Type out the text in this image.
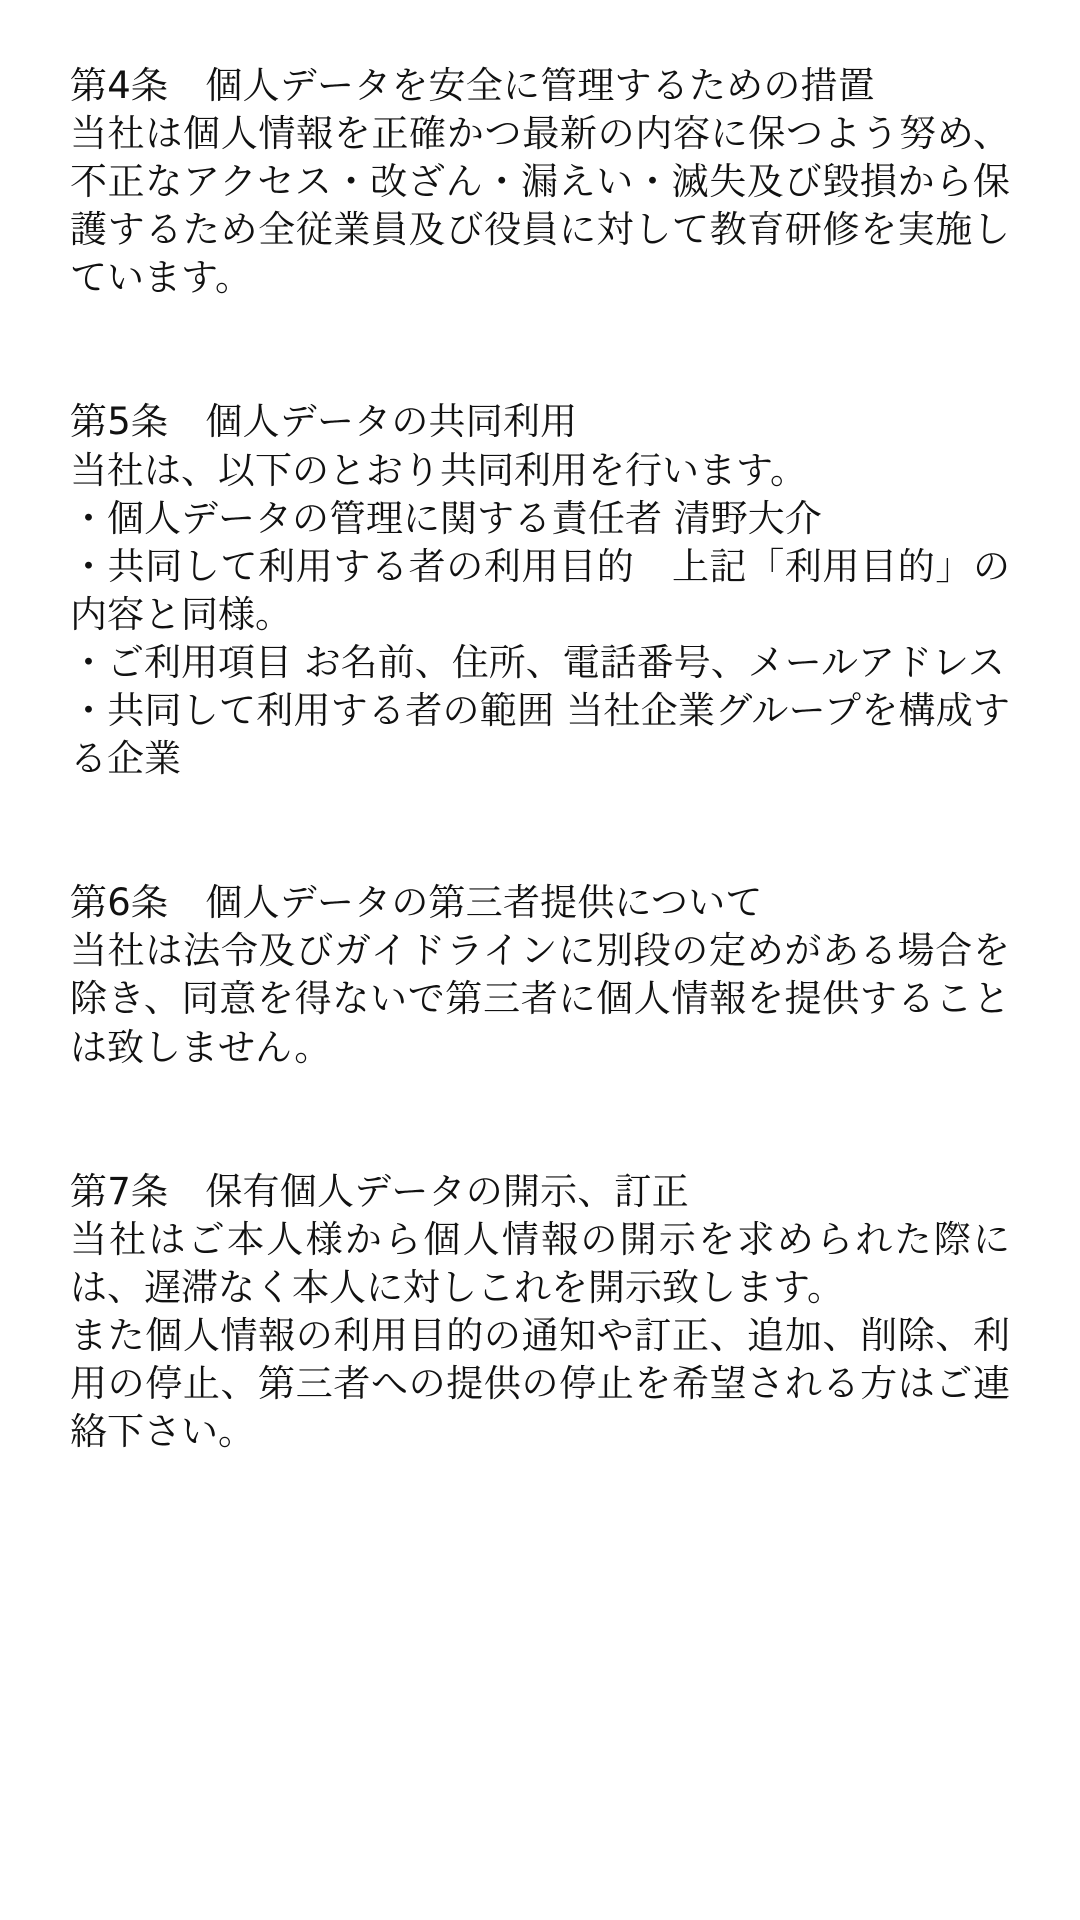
第4条　個人データを安全に管理するための措置

当社は個人情報を正確かつ最新の内容に保つよう努め、不正なアクセス・改ざん・漏えい・滅失及び毀損から保護するため全従業員及び役員に対して教育研修を実施しています。

第5条　個人データの共同利用

当社は、以下のとおり共同利用を行います。

・個人データの管理に関する責任者 清野大介

・共同して利用する者の利用目的　上記「利用目的」の内容と同様。

・ご利用項目 お名前、住所、電話番号、メールアドレス

・共同して利用する者の範囲 当社企業グループを構成する企業

第6条　個人データの第三者提供について

当社は法令及びガイドラインに別段の定めがある場合を除き、同意を得ないで第三者に個人情報を提供することは致しません。

第7条　保有個人データの開示、訂正

当社はご本人様から個人情報の開示を求められた際には、遅滞なく本人に対しこれを開示致します。

また個人情報の利用目的の通知や訂正、追加、削除、利用の停止、第三者への提供の停止を希望される方はご連絡下さい。
